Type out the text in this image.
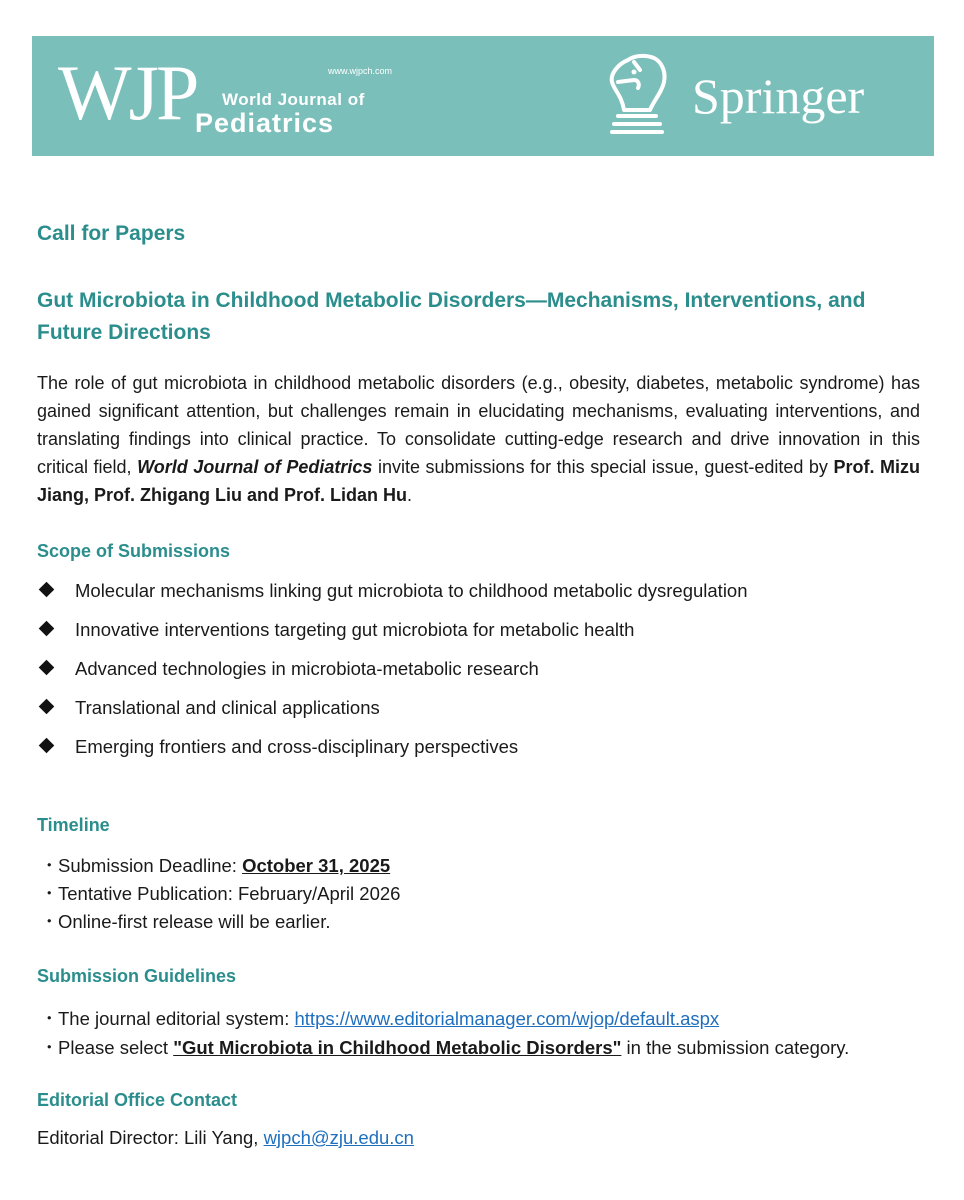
WJP	www.wjpch.com
World Journal of
Pediatrics	Springer
Call for Papers
Gut Microbiota in Childhood Metabolic Disorders—Mechanisms, Interventions, and
Future Directions
The role of gut microbiota in childhood metabolic disorders (e.g., obesity, diabetes, metabolic syndrome) has gained significant attention, but challenges remain in elucidating mechanisms, evaluating interventions, and translating findings into clinical practice. To consolidate cutting-edge research and drive innovation in this critical field, World Journal of Pediatrics invite submissions for this special issue, guest-edited by Prof. Mizu Jiang, Prof. Zhigang Liu and Prof. Lidan Hu.
Scope of Submissions
Molecular mechanisms linking gut microbiota to childhood metabolic dysregulation
Innovative interventions targeting gut microbiota for metabolic health
Advanced technologies in microbiota-metabolic research
Translational and clinical applications
Emerging frontiers and cross-disciplinary perspectives
Timeline
・Submission Deadline: October 31, 2025
・Tentative Publication: February/April 2026
・Online-first release will be earlier.
Submission Guidelines
・The journal editorial system: https://www.editorialmanager.com/wjop/default.aspx
・Please select "Gut Microbiota in Childhood Metabolic Disorders" in the submission category.
Editorial Office Contact
Editorial Director: Lili Yang, wjpch@zju.edu.cn
